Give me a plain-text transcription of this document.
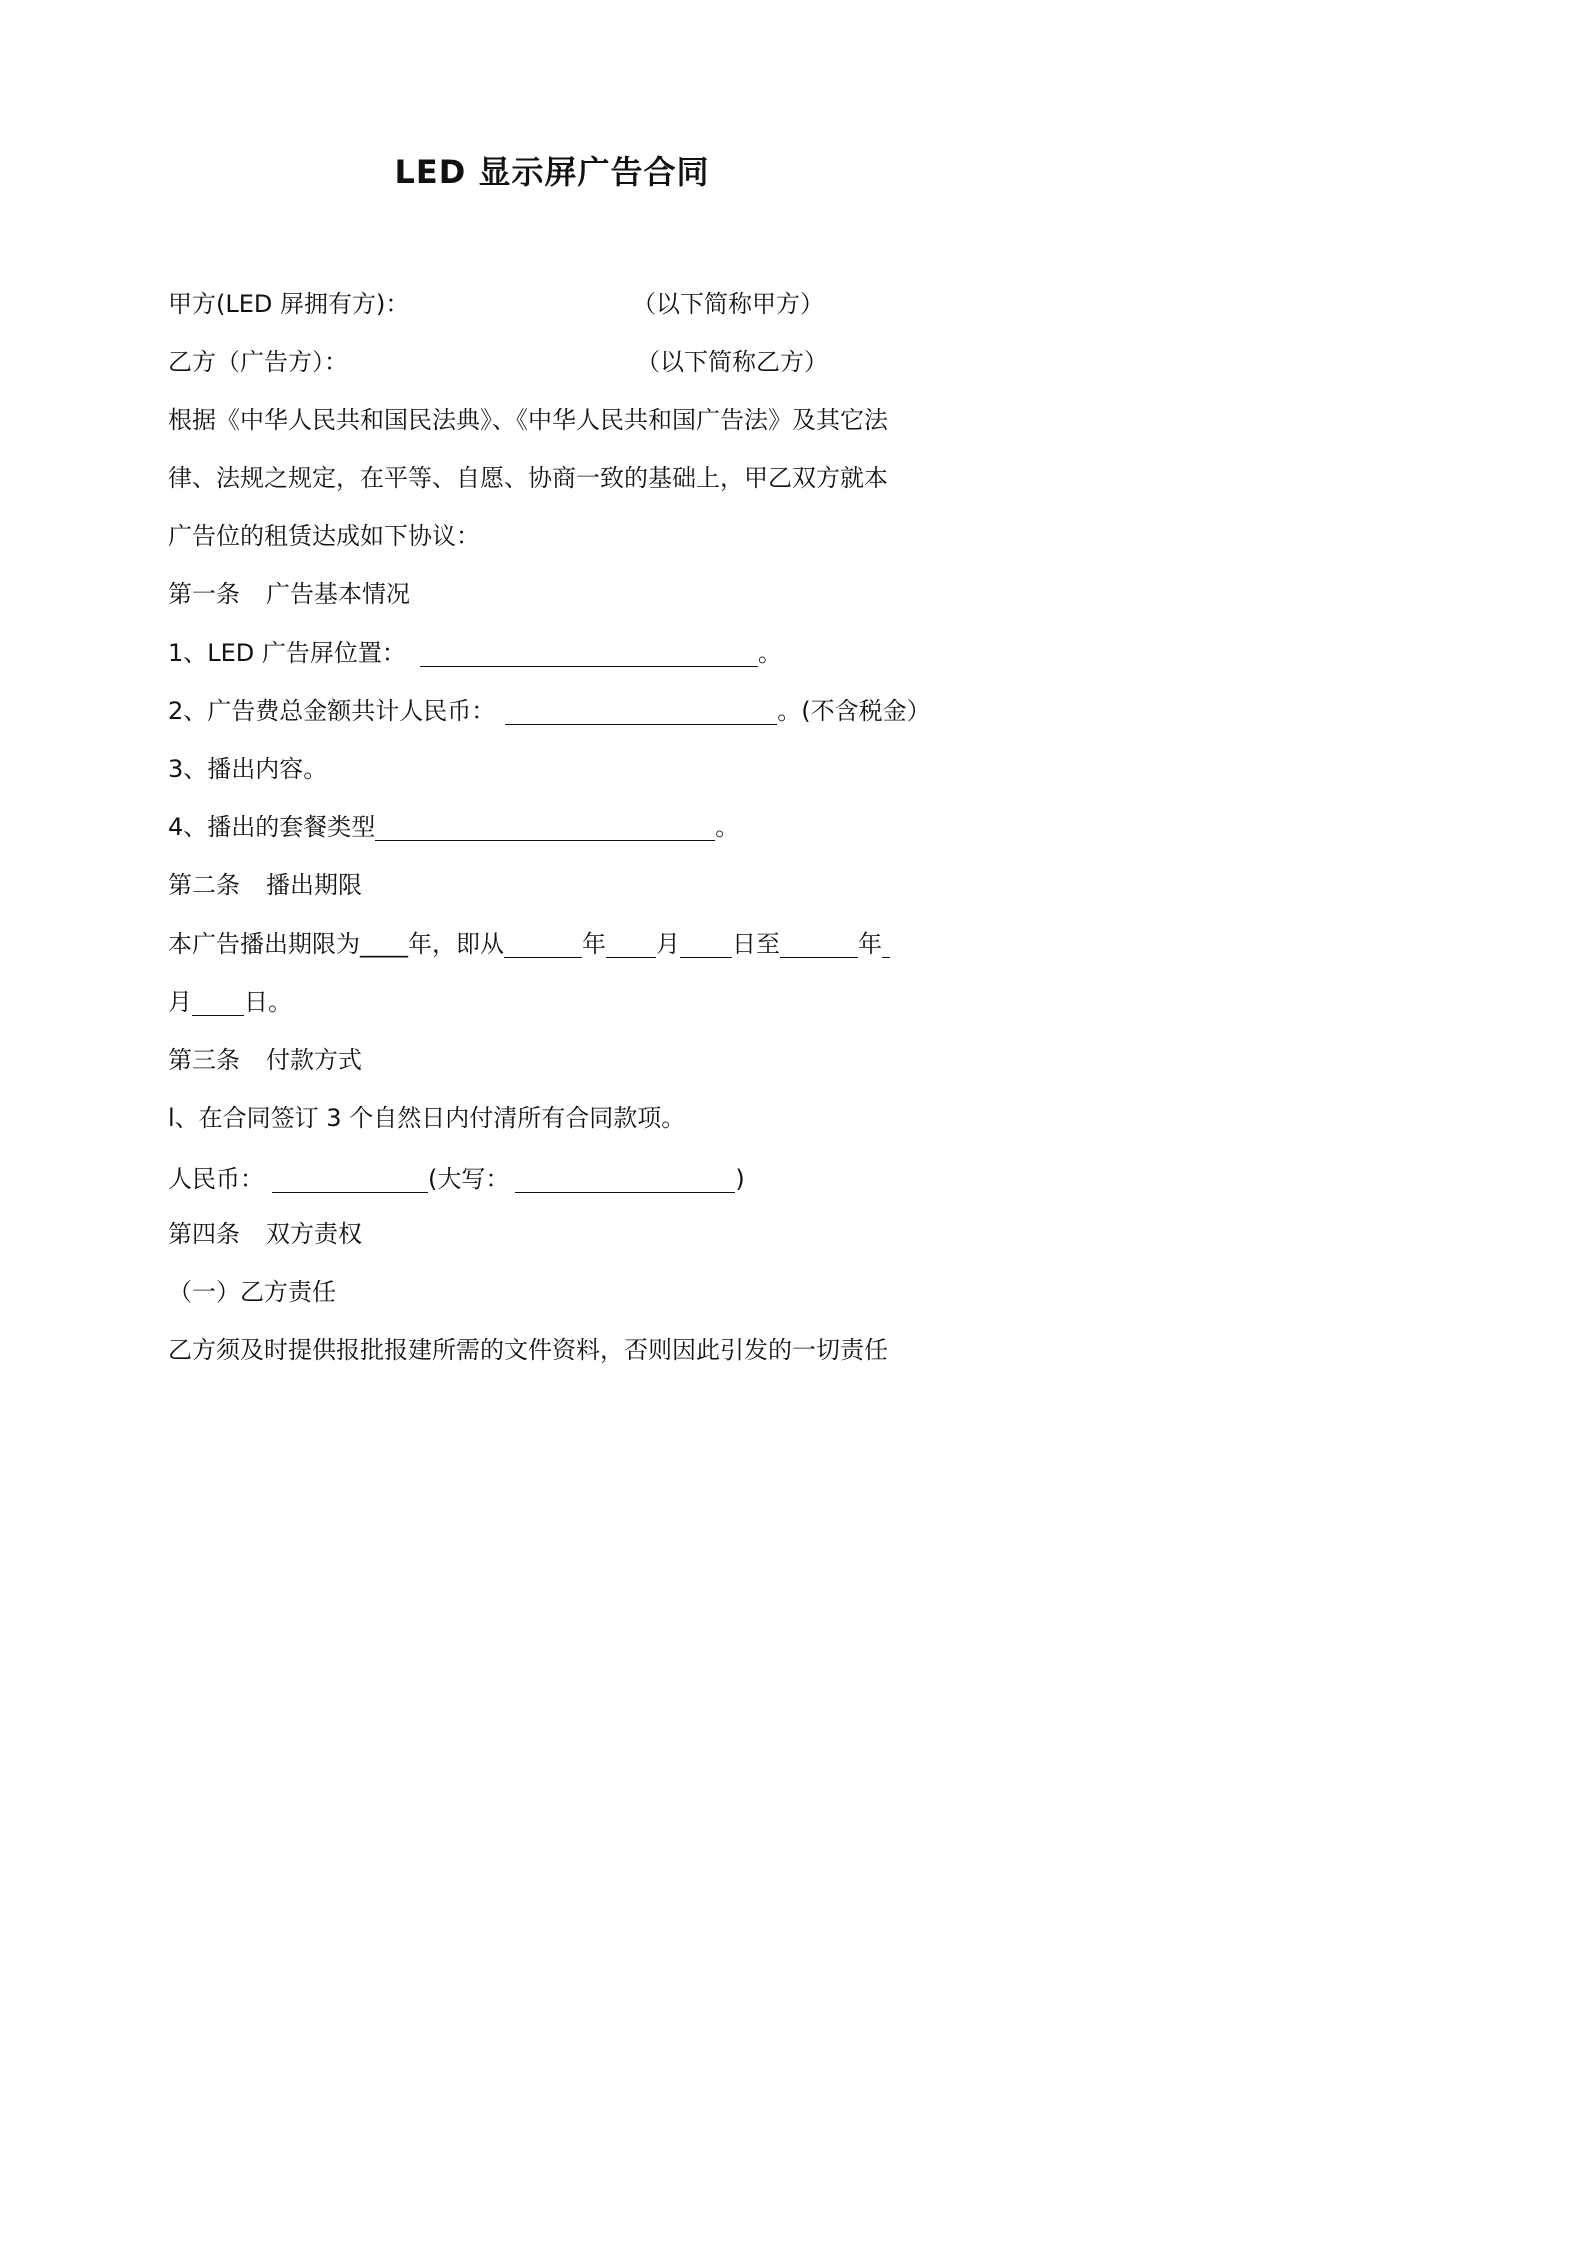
LED 显示屏广告合同
甲方(LED 屏拥有方)：	（以下简称甲方）
乙方（广告方）：	（以下简称乙方）
根据《中华人民共和国民法典》、《中华人民共和国广告法》及其它法
律、法规之规定，在平等、自愿、协商一致的基础上，甲乙双方就本
广告位的租赁达成如下协议：
第一条 广告基本情况
1、LED 广告屏位置：	。
2、广告费总金额共计人民币：	。(不含税金）
3、播出内容。
4、播出的套餐类型	。
第二条 播出期限
本广告播出期限为____年，即从	年 月 日至	年
月 日。
第三条 付款方式
l、在合同签订 3 个自然日内付清所有合同款项。
人民币：	(大写：	)
第四条 双方责权
（一）乙方责任
乙方须及时提供报批报建所需的文件资料，否则因此引发的一切责任
